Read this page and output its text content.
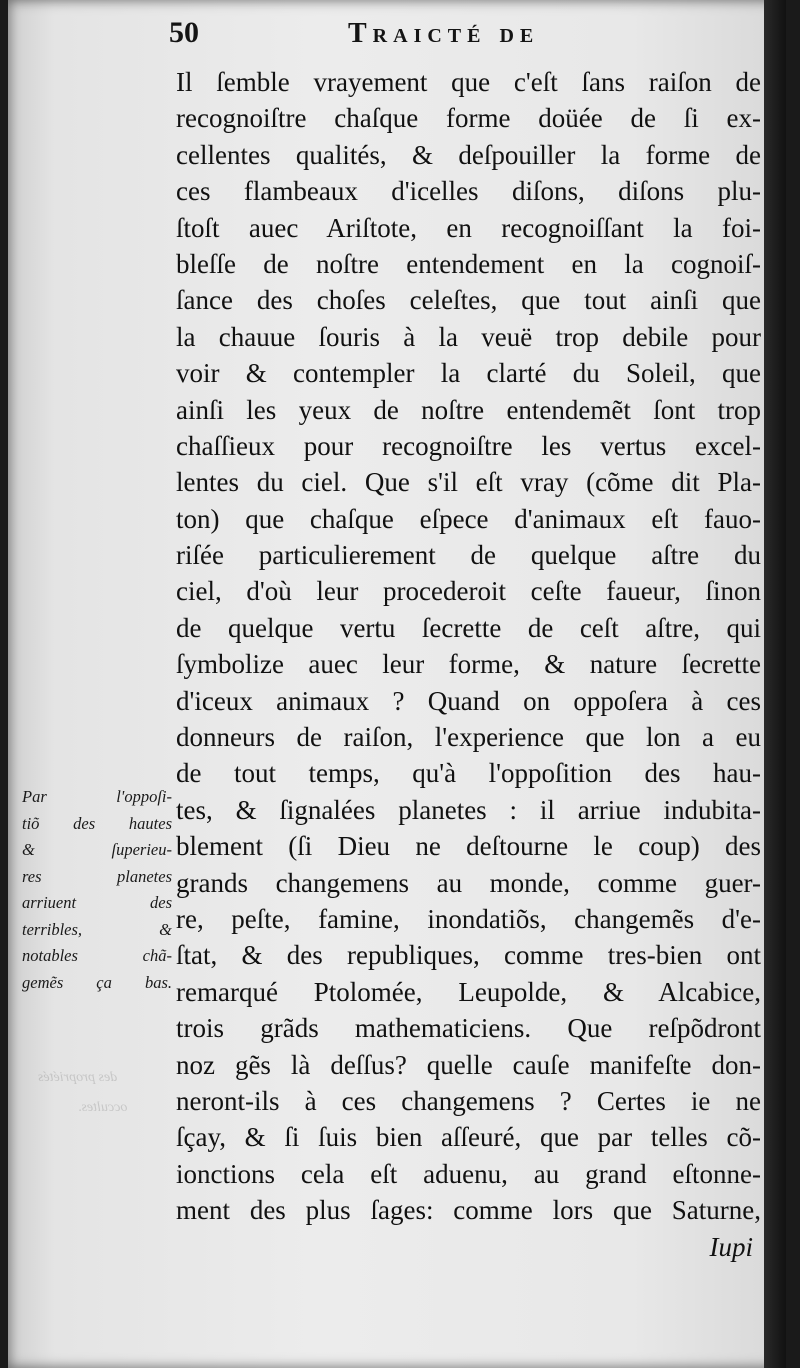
50	Traicté de
Par l'oppoſi-
tiõ des hautes
& ſuperieu-
res planetes
arriuent des
terribles, &
notables chã-
gemẽs ça bas.
Il ſemble vrayement que c'eſt ſans raiſon de
recognoiſtre chaſque forme doüée de ſi ex-
cellentes qualités, & deſpouiller la forme de
ces flambeaux d'icelles diſons, diſons plu-
ſtoſt auec Ariſtote, en recognoiſſant la foi-
bleſſe de noſtre entendement en la cognoiſ-
ſance des choſes celeſtes, que tout ainſi que
la chauue ſouris à la veuë trop debile pour
voir & contempler la clarté du Soleil, que
ainſi les yeux de noſtre entendemẽt ſont trop
chaſſieux pour recognoiſtre les vertus excel-
lentes du ciel. Que s'il eſt vray (cõme dit Pla-
ton) que chaſque eſpece d'animaux eſt fauo-
riſée particulierement de quelque aſtre du
ciel, d'où leur procederoit ceſte faueur, ſinon
de quelque vertu ſecrette de ceſt aſtre, qui
ſymbolize auec leur forme, & nature ſecrette
d'iceux animaux ? Quand on oppoſera à ces
donneurs de raiſon, l'experience que lon a eu
de tout temps, qu'à l'oppoſition des hau-
tes, & ſignalées planetes : il arriue indubita-
blement (ſi Dieu ne deſtourne le coup) des
grands changemens au monde, comme guer-
re, peſte, famine, inondatiõs, changemẽs d'e-
ſtat, & des republiques, comme tres-bien ont
remarqué Ptolomée, Leupolde, & Alcabice,
trois grãds mathematiciens. Que reſpõdront
noz gẽs là deſſus? quelle cauſe manifeſte don-
neront-ils à ces changemens ? Certes ie ne
ſçay, & ſi ſuis bien aſſeuré, que par telles cõ-
ionctions cela eſt aduenu, au grand eſtonne-
ment des plus ſages: comme lors que Saturne,
Iupi
des propriétés
occultes.
